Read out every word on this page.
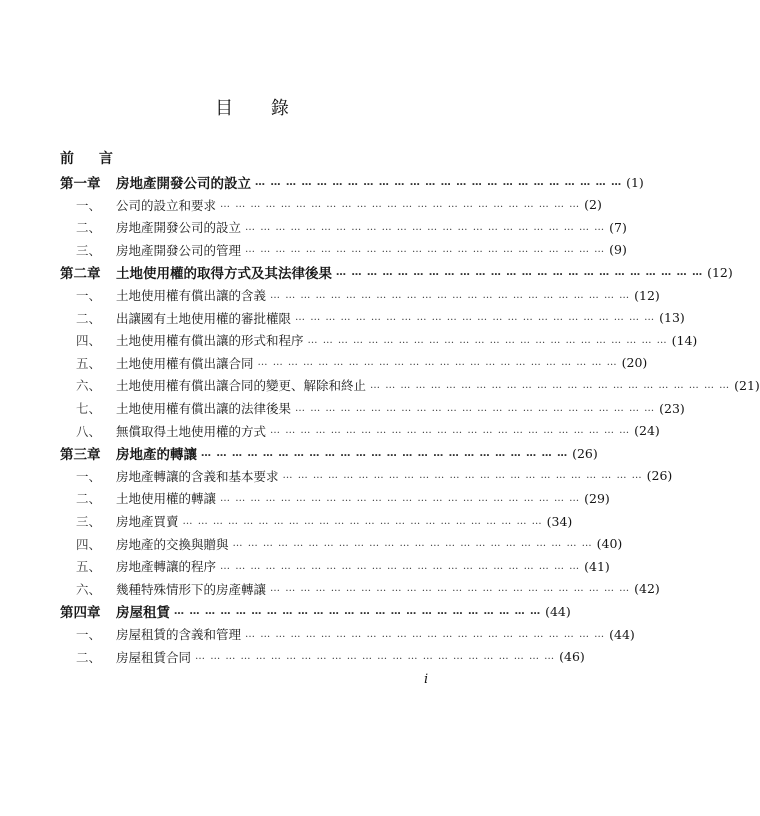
目 錄
前 言
第一章	房地產開發公司的設立 … … … … … … … … … … … … … … … … … … … … … … … … (1)
一、	公司的設立和要求 … … … … … … … … … … … … … … … … … … … … … … … … (2)
二、	房地產開發公司的設立 … … … … … … … … … … … … … … … … … … … … … … … … (7)
三、	房地產開發公司的管理 … … … … … … … … … … … … … … … … … … … … … … … … (9)
第二章	土地使用權的取得方式及其法律後果 … … … … … … … … … … … … … … … … … … … … … … … … (12)
一、	土地使用權有償出讓的含義 … … … … … … … … … … … … … … … … … … … … … … … … (12)
二、	出讓國有土地使用權的審批權限 … … … … … … … … … … … … … … … … … … … … … … … … (13)
四、	土地使用權有償出讓的形式和程序 … … … … … … … … … … … … … … … … … … … … … … … … (14)
五、	土地使用權有償出讓合同 … … … … … … … … … … … … … … … … … … … … … … … … (20)
六、	土地使用權有償出讓合同的變更、解除和終止 … … … … … … … … … … … … … … … … … … … … … … … … (21)
七、	土地使用權有償出讓的法律後果 … … … … … … … … … … … … … … … … … … … … … … … … (23)
八、	無償取得土地使用權的方式 … … … … … … … … … … … … … … … … … … … … … … … … (24)
第三章	房地產的轉讓 … … … … … … … … … … … … … … … … … … … … … … … … (26)
一、	房地產轉讓的含義和基本要求 … … … … … … … … … … … … … … … … … … … … … … … … (26)
二、	土地使用權的轉讓 … … … … … … … … … … … … … … … … … … … … … … … … (29)
三、	房地產買賣 … … … … … … … … … … … … … … … … … … … … … … … … (34)
四、	房地產的交換與贈與 … … … … … … … … … … … … … … … … … … … … … … … … (40)
五、	房地產轉讓的程序 … … … … … … … … … … … … … … … … … … … … … … … … (41)
六、	幾種特殊情形下的房產轉讓 … … … … … … … … … … … … … … … … … … … … … … … … (42)
第四章	房屋租賃 … … … … … … … … … … … … … … … … … … … … … … … … (44)
一、	房屋租賃的含義和管理 … … … … … … … … … … … … … … … … … … … … … … … … (44)
二、	房屋租賃合同 … … … … … … … … … … … … … … … … … … … … … … … … (46)
i
